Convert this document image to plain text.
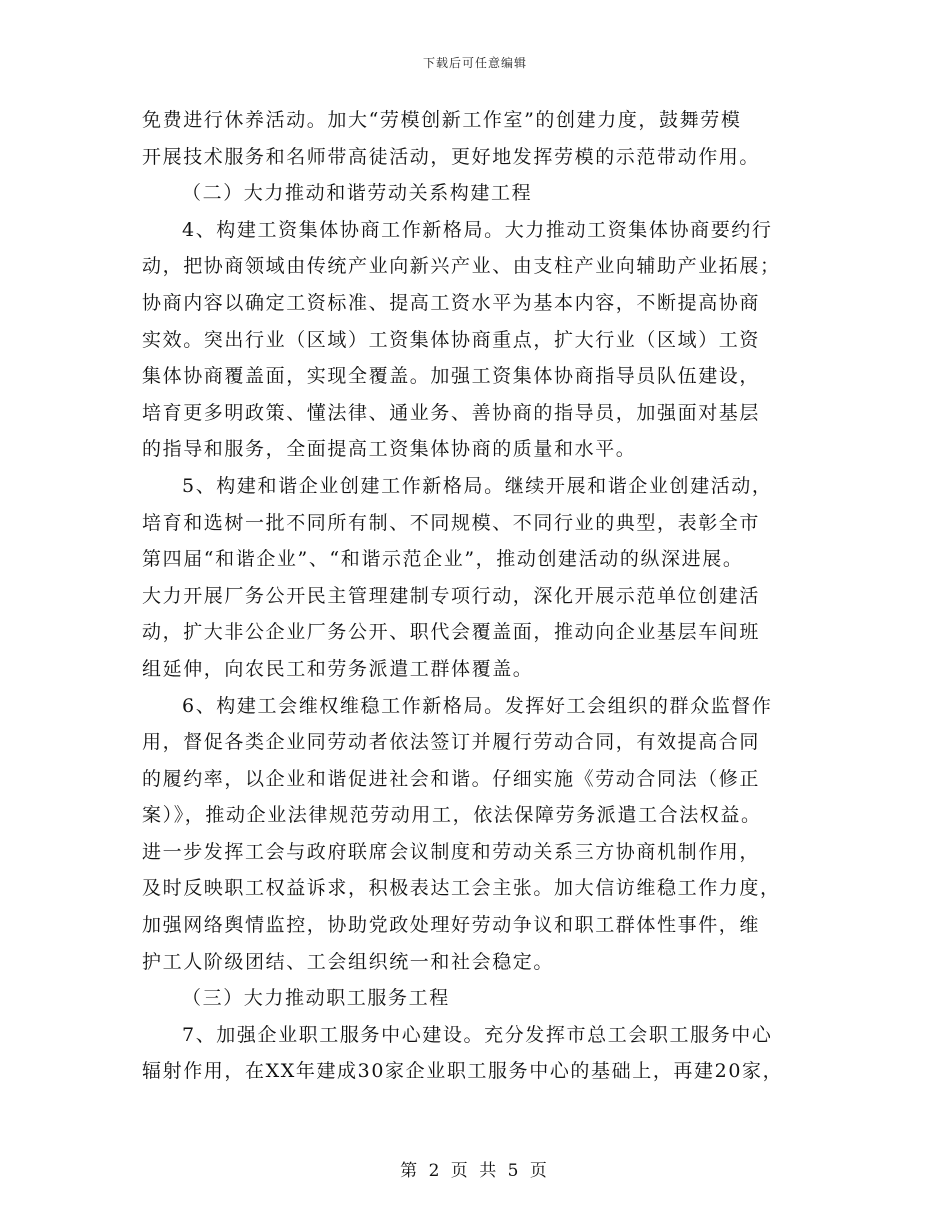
下载后可任意编辑
免费进行休养活动。加大“劳模创新工作室”的创建力度，鼓舞劳模
开展技术服务和名师带高徒活动，更好地发挥劳模的示范带动作用。
（二）大力推动和谐劳动关系构建工程
4、构建工资集体协商工作新格局。大力推动工资集体协商要约行
动，把协商领域由传统产业向新兴产业、由支柱产业向辅助产业拓展；
协商内容以确定工资标准、提高工资水平为基本内容，不断提高协商
实效。突出行业（区域）工资集体协商重点，扩大行业（区域）工资
集体协商覆盖面，实现全覆盖。加强工资集体协商指导员队伍建设，
培育更多明政策、懂法律、通业务、善协商的指导员，加强面对基层
的指导和服务，全面提高工资集体协商的质量和水平。
5、构建和谐企业创建工作新格局。继续开展和谐企业创建活动，
培育和选树一批不同所有制、不同规模、不同行业的典型，表彰全市
第四届“和谐企业”、“和谐示范企业”，推动创建活动的纵深进展。
大力开展厂务公开民主管理建制专项行动，深化开展示范单位创建活
动，扩大非公企业厂务公开、职代会覆盖面，推动向企业基层车间班
组延伸，向农民工和劳务派遣工群体覆盖。
6、构建工会维权维稳工作新格局。发挥好工会组织的群众监督作
用，督促各类企业同劳动者依法签订并履行劳动合同，有效提高合同
的履约率，以企业和谐促进社会和谐。仔细实施《劳动合同法（修正
案）》，推动企业法律规范劳动用工，依法保障劳务派遣工合法权益。
进一步发挥工会与政府联席会议制度和劳动关系三方协商机制作用，
及时反映职工权益诉求，积极表达工会主张。加大信访维稳工作力度，
加强网络舆情监控，协助党政处理好劳动争议和职工群体性事件，维
护工人阶级团结、工会组织统一和社会稳定。
（三）大力推动职工服务工程
7、加强企业职工服务中心建设。充分发挥市总工会职工服务中心
辐射作用，在XX年建成30家企业职工服务中心的基础上，再建20家，
第 2 页 共 5 页
